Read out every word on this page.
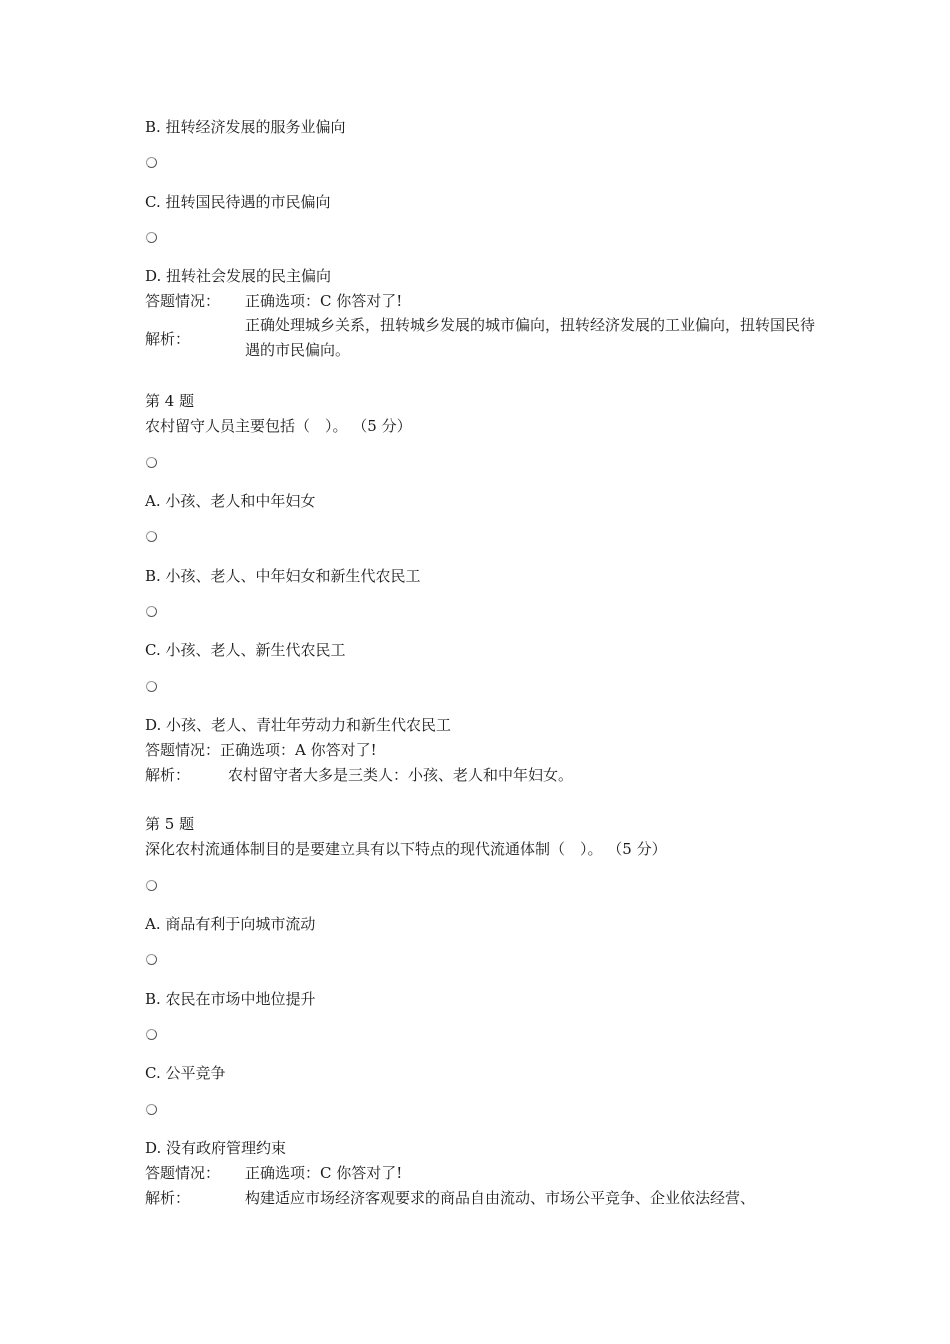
B. 扭转经济发展的服务业偏向
C. 扭转国民待遇的市民偏向
D. 扭转社会发展的民主偏向
答题情况： 正确选项：C 你答对了!
解析：
正确处理城乡关系，扭转城乡发展的城市偏向，扭转经济发展的工业偏向，扭转国民待遇的市民偏向。
第 4 题
农村留守人员主要包括（　）。 （5 分）
A. 小孩、老人和中年妇女
B. 小孩、老人、中年妇女和新生代农民工
C. 小孩、老人、新生代农民工
D. 小孩、老人、青壮年劳动力和新生代农民工
答题情况：正确选项：A 你答对了!
解析：	农村留守者大多是三类人：小孩、老人和中年妇女。
第 5 题
深化农村流通体制目的是要建立具有以下特点的现代流通体制（　）。 （5 分）
A. 商品有利于向城市流动
B. 农民在市场中地位提升
C. 公平竞争
D. 没有政府管理约束
答题情况： 正确选项：C 你答对了!
解析：	构建适应市场经济客观要求的商品自由流动、市场公平竞争、企业依法经营、
